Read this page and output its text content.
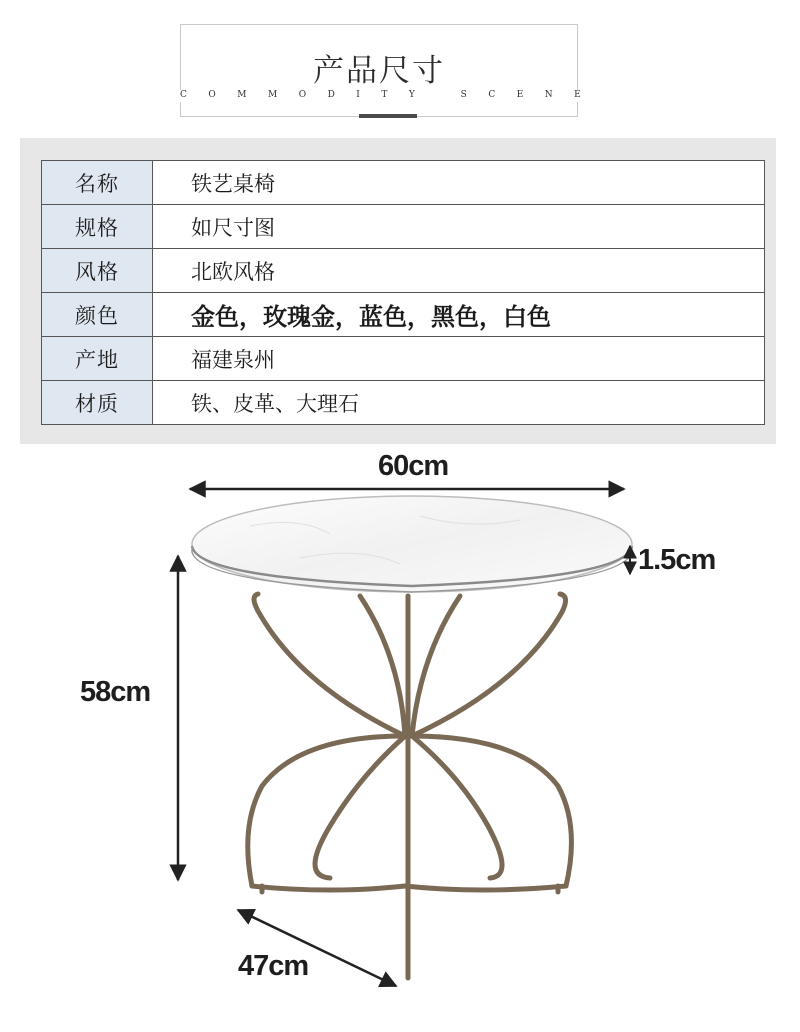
产品尺寸
COMMODITY SCENE
名称	铁艺桌椅
规格	如尺寸图
风格	北欧风格
颜色	金色，玫瑰金，蓝色，黑色，白色
产地	福建泉州
材质	铁、皮革、大理石
60cm
1.5cm
58cm
47cm
